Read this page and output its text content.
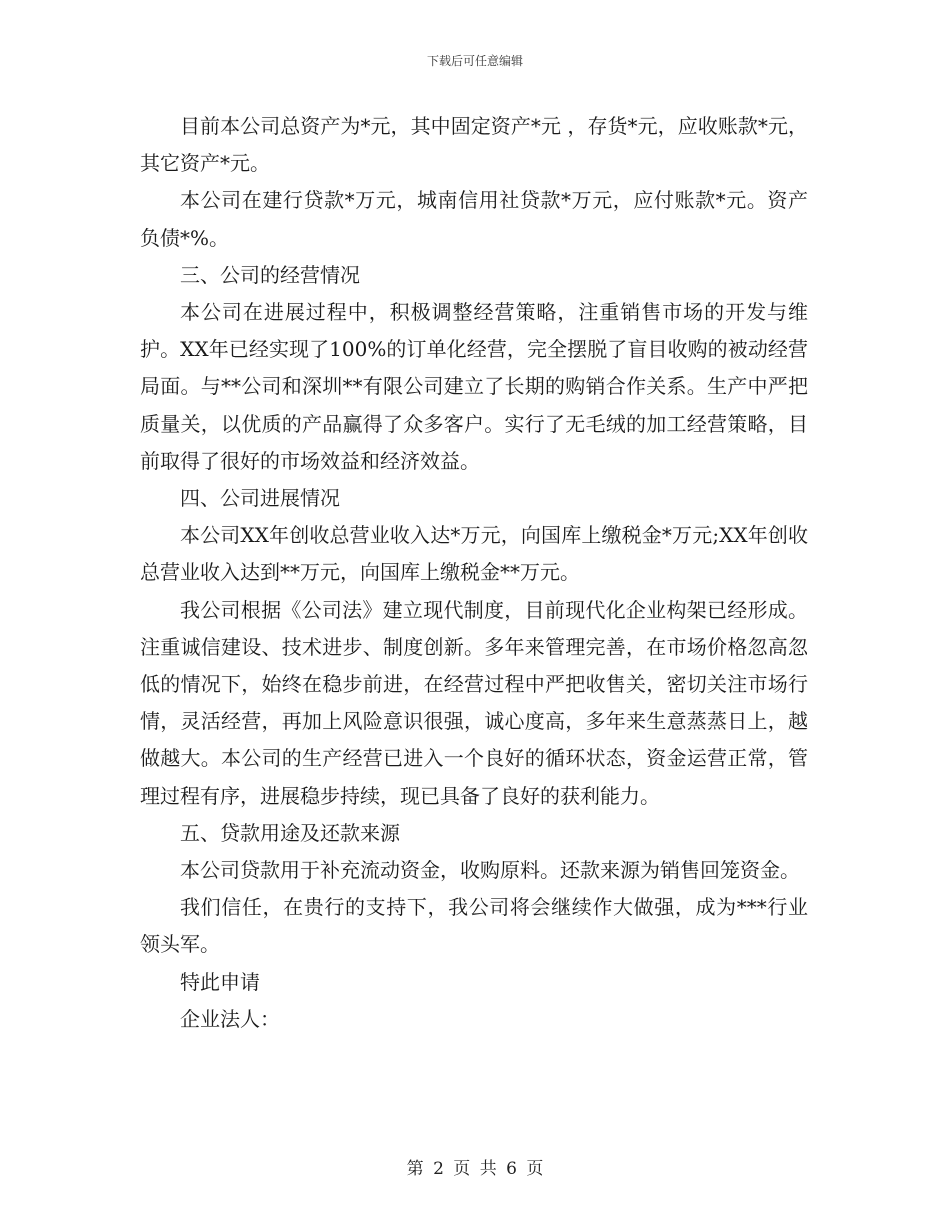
下载后可任意编辑

目前本公司总资产为*元，其中固定资产*元 ，存货*元，应收账款*元，其它资产*元。

本公司在建行贷款*万元，城南信用社贷款*万元，应付账款*元。资产负债*%。

三、公司的经营情况

本公司在进展过程中，积极调整经营策略，注重销售市场的开发与维护。XX年已经实现了100%的订单化经营，完全摆脱了盲目收购的被动经营局面。与**公司和深圳**有限公司建立了长期的购销合作关系。生产中严把质量关，以优质的产品赢得了众多客户。实行了无毛绒的加工经营策略，目前取得了很好的市场效益和经济效益。

四、公司进展情况

本公司XX年创收总营业收入达*万元，向国库上缴税金*万元;XX年创收总营业收入达到**万元，向国库上缴税金**万元。

我公司根据《公司法》建立现代制度，目前现代化企业构架已经形成。注重诚信建设、技术进步、制度创新。多年来管理完善，在市场价格忽高忽低的情况下，始终在稳步前进，在经营过程中严把收售关，密切关注市场行情，灵活经营，再加上风险意识很强，诚心度高，多年来生意蒸蒸日上，越做越大。本公司的生产经营已进入一个良好的循环状态，资金运营正常，管理过程有序，进展稳步持续，现已具备了良好的获利能力。

五、贷款用途及还款来源

本公司贷款用于补充流动资金，收购原料。还款来源为销售回笼资金。

我们信任，在贵行的支持下，我公司将会继续作大做强，成为***行业领头军。

特此申请

企业法人：

第 2 页 共 6 页
